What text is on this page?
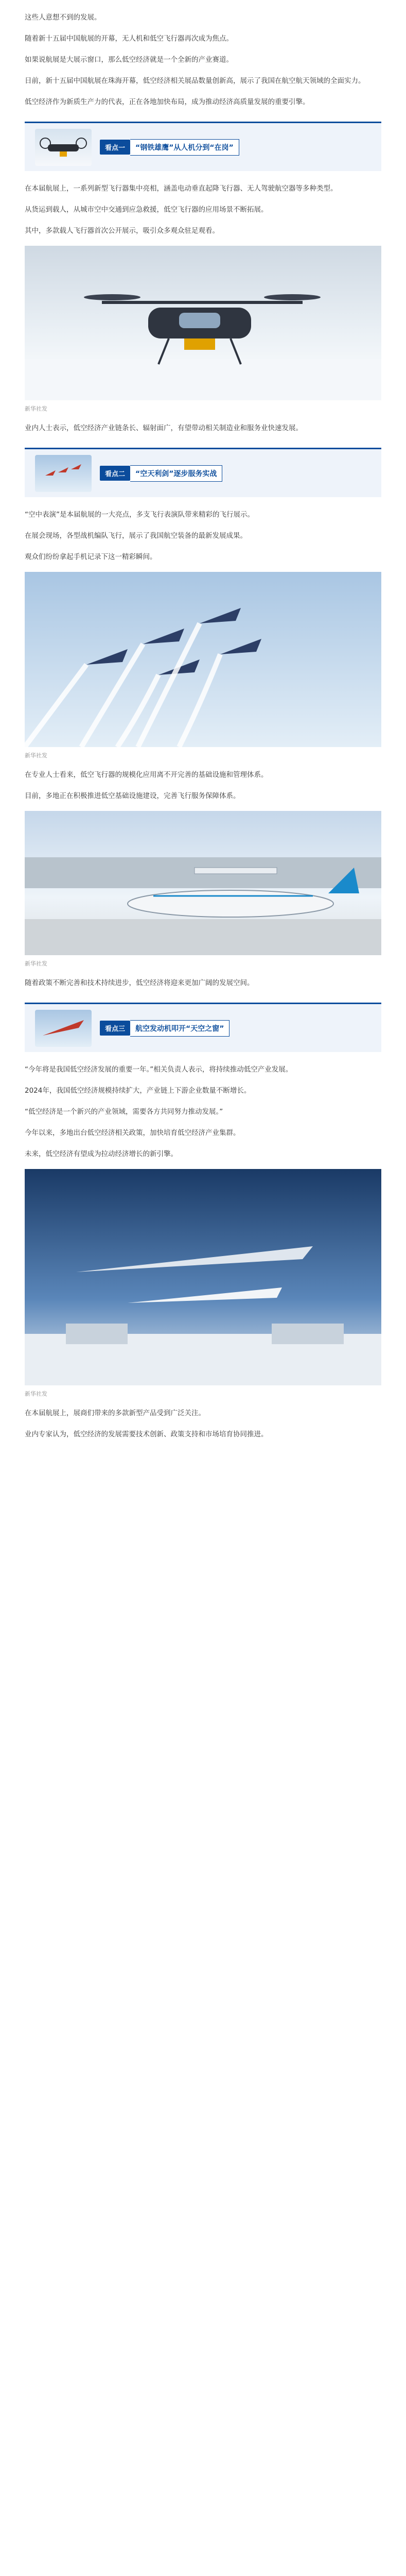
这些人意想不到的发展。

随着新十五届中国航展的开幕，无人机和低空飞行器再次成为焦点。

如果说航展是大展示窗口，那么低空经济就是一个全新的产业赛道。

日前，新十五届中国航展在珠海开幕，低空经济相关展品数量创新高，展示了我国在航空航天领域的全面实力。

低空经济作为新质生产力的代表，正在各地加快布局，成为推动经济高质量发展的重要引擎。

看点一	“钢铁雄鹰”从人机分到“在岗”

在本届航展上，一系列新型飞行器集中亮相，涵盖电动垂直起降飞行器、无人驾驶航空器等多种类型。

从货运到载人，从城市空中交通到应急救援，低空飞行器的应用场景不断拓展。

其中，多款载人飞行器首次公开展示，吸引众多观众驻足观看。

新华社发

业内人士表示，低空经济产业链条长、辐射面广，有望带动相关制造业和服务业快速发展。

看点二	“空天利剑”逐步服务实战

“空中表演”是本届航展的一大亮点，多支飞行表演队带来精彩的飞行展示。

在展会现场，各型战机编队飞行，展示了我国航空装备的最新发展成果。

观众们纷纷拿起手机记录下这一精彩瞬间。

新华社发

在专业人士看来，低空飞行器的规模化应用离不开完善的基础设施和管理体系。

目前，多地正在积极推进低空基础设施建设，完善飞行服务保障体系。

新华社发

随着政策不断完善和技术持续进步，低空经济将迎来更加广阔的发展空间。

看点三	航空发动机叩开“天空之窗”

“今年将是我国低空经济发展的重要一年。”相关负责人表示，将持续推动低空产业发展。

2024年，我国低空经济规模持续扩大，产业链上下游企业数量不断增长。

“低空经济是一个新兴的产业领域，需要各方共同努力推动发展。”

今年以来，多地出台低空经济相关政策，加快培育低空经济产业集群。

未来，低空经济有望成为拉动经济增长的新引擎。

新华社发

在本届航展上，展商们带来的多款新型产品受到广泛关注。

业内专家认为，低空经济的发展需要技术创新、政策支持和市场培育协同推进。
